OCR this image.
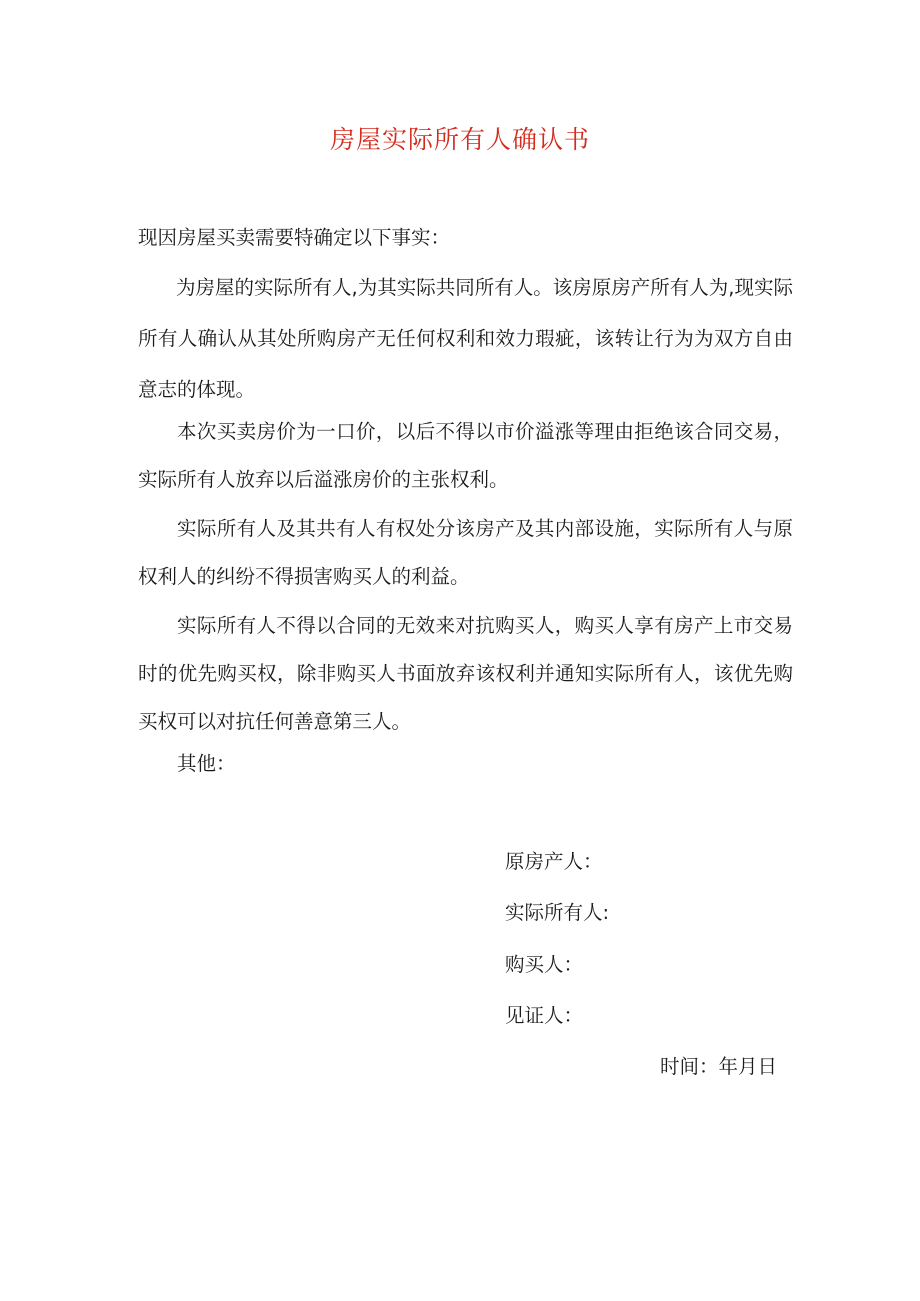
房屋实际所有人确认书
现因房屋买卖需要特确定以下事实：

为房屋的实际所有人,为其实际共同所有人。该房原房产所有人为,现实际所有人确认从其处所购房产无任何权利和效力瑕疵，该转让行为为双方自由意志的体现。

本次买卖房价为一口价，以后不得以市价溢涨等理由拒绝该合同交易，实际所有人放弃以后溢涨房价的主张权利。

实际所有人及其共有人有权处分该房产及其内部设施，实际所有人与原权利人的纠纷不得损害购买人的利益。

实际所有人不得以合同的无效来对抗购买人，购买人享有房产上市交易时的优先购买权，除非购买人书面放弃该权利并通知实际所有人，该优先购买权可以对抗任何善意第三人。

其他：

原房产人：
实际所有人:
购买人：
见证人：
时间：年月日
